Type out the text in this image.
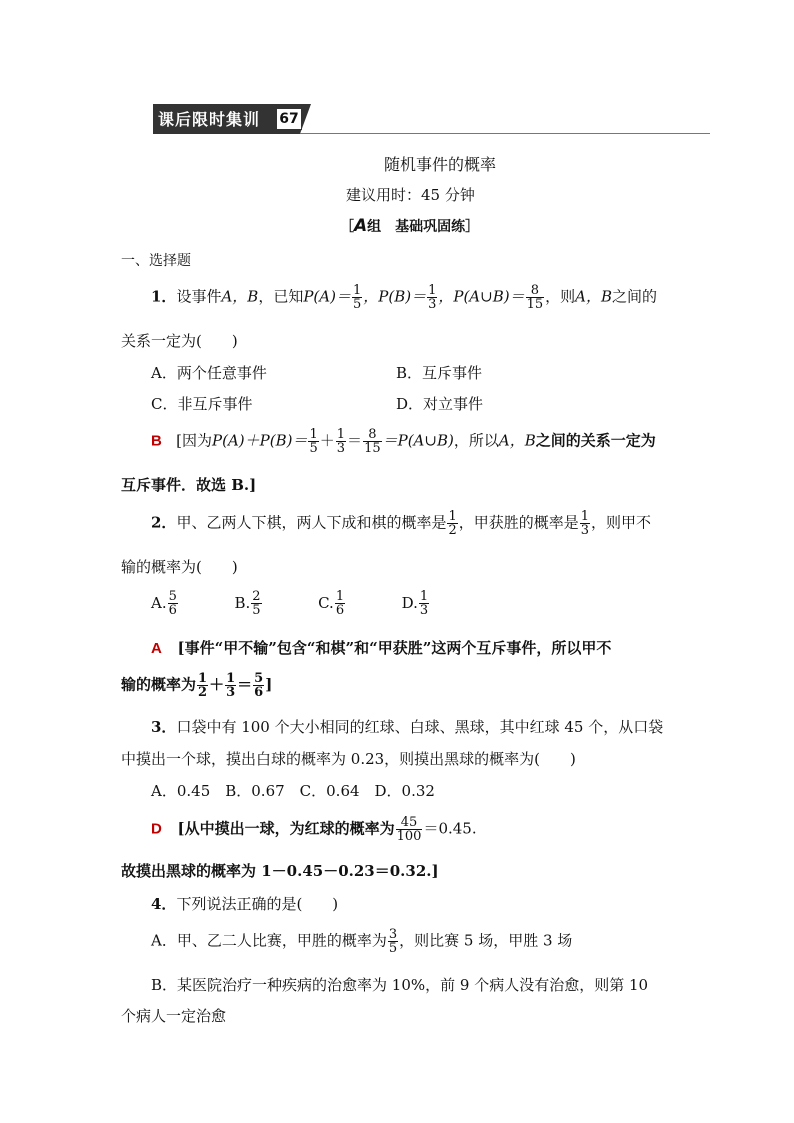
课后限时集训 67
随机事件的概率
建议用时：45 分钟
［A组　基础巩固练］
一、选择题
1．设事件A，B，已知$P(A)= \frac{1}{5}$ ，$P(B)= \frac{1}{3}$ ，P(A∪B)＝ $\frac{8}{15}$ ，则A，B之间的
关系一定为(　　)
A．两个任意事件	B．互斥事件
C．非互斥事件	D．对立事件
B [因为$P(A)+P(B)= \frac{1}{5} + \frac{1}{3} = \frac{8}{15}$ ＝P(A∪B)，所以A，B之间的关系一定为
互斥事件．故选 B.]
2．甲、乙两人下棋，两人下成和棋的概率是 $\frac{1}{2}$ ，甲获胜的概率是 $\frac{1}{3}$ ，则甲不
输的概率为(　　)
A. $\frac{5}{6}$	B. $\frac{2}{5}$	C. $\frac{1}{6}$	D. $\frac{1}{3}$
A [事件“甲不输”包含“和棋”和“甲获胜”这两个互斥事件，所以甲不
输的概率为 $\frac{1}{2} + \frac{1}{3} = \frac{5}{6}$ ]
3．口袋中有 100 个大小相同的红球、白球、黑球，其中红球 45 个，从口袋
中摸出一个球，摸出白球的概率为 0.23，则摸出黑球的概率为(　　)
A．0.45　B．0.67　C．0.64　D．0.32
D [从中摸出一球，为红球的概率为 $\frac{45}{100} =0.45$.
故摸出黑球的概率为 1－0.45－0.23＝0.32.]
4．下列说法正确的是(　　)
A．甲、乙二人比赛，甲胜的概率为 $\frac{3}{5}$ ，则比赛 5 场，甲胜 3 场
B．某医院治疗一种疾病的治愈率为 10%，前 9 个病人没有治愈，则第 10
个病人一定治愈
